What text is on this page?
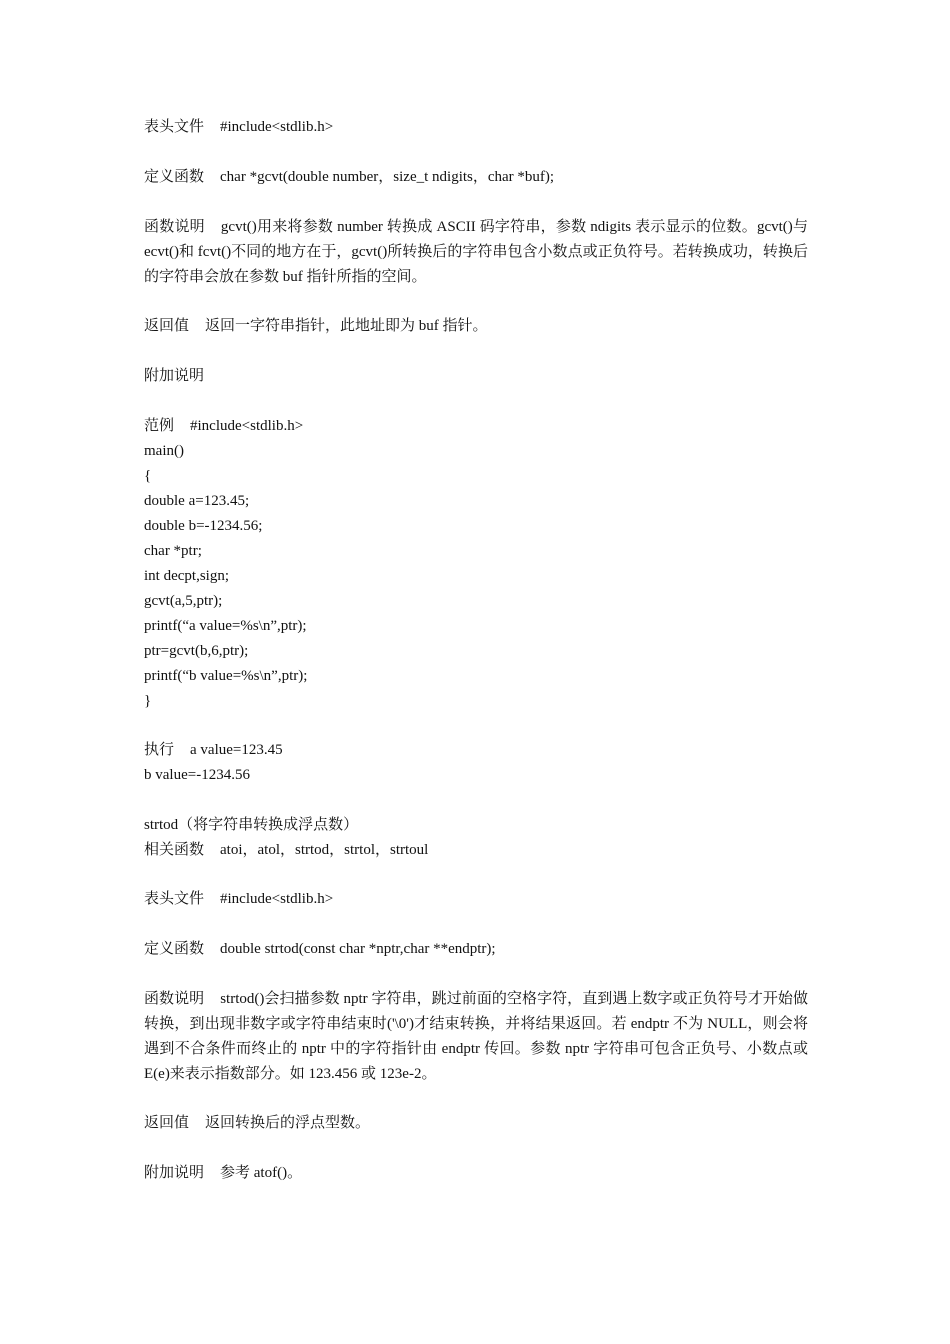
表头文件 #include<stdlib.h>
定义函数 char *gcvt(double number，size_t ndigits，char *buf);
函数说明 gcvt()用来将参数 number 转换成 ASCII 码字符串，参数 ndigits 表示显示的位数。gcvt()与 ecvt()和 fcvt()不同的地方在于，gcvt()所转换后的字符串包含小数点或正负符号。若转换成功，转换后的字符串会放在参数 buf 指针所指的空间。
返回值 返回一字符串指针，此地址即为 buf 指针。
附加说明
范例 #include<stdlib.h>
main()
{
double a=123.45;
double b=-1234.56;
char *ptr;
int decpt,sign;
gcvt(a,5,ptr);
printf(“a value=%s\n”,ptr);
ptr=gcvt(b,6,ptr);
printf(“b value=%s\n”,ptr);
}
执行 a value=123.45
b value=-1234.56
strtod（将字符串转换成浮点数）
相关函数 atoi，atol，strtod，strtol，strtoul
表头文件 #include<stdlib.h>
定义函数 double strtod(const char *nptr,char **endptr);
函数说明 strtod()会扫描参数 nptr 字符串，跳过前面的空格字符，直到遇上数字或正负符号才开始做转换，到出现非数字或字符串结束时('\0')才结束转换，并将结果返回。若 endptr 不为 NULL，则会将遇到不合条件而终止的 nptr 中的字符指针由 endptr 传回。参数 nptr 字符串可包含正负号、小数点或 E(e)来表示指数部分。如 123.456 或 123e-2。
返回值 返回转换后的浮点型数。
附加说明 参考 atof()。
